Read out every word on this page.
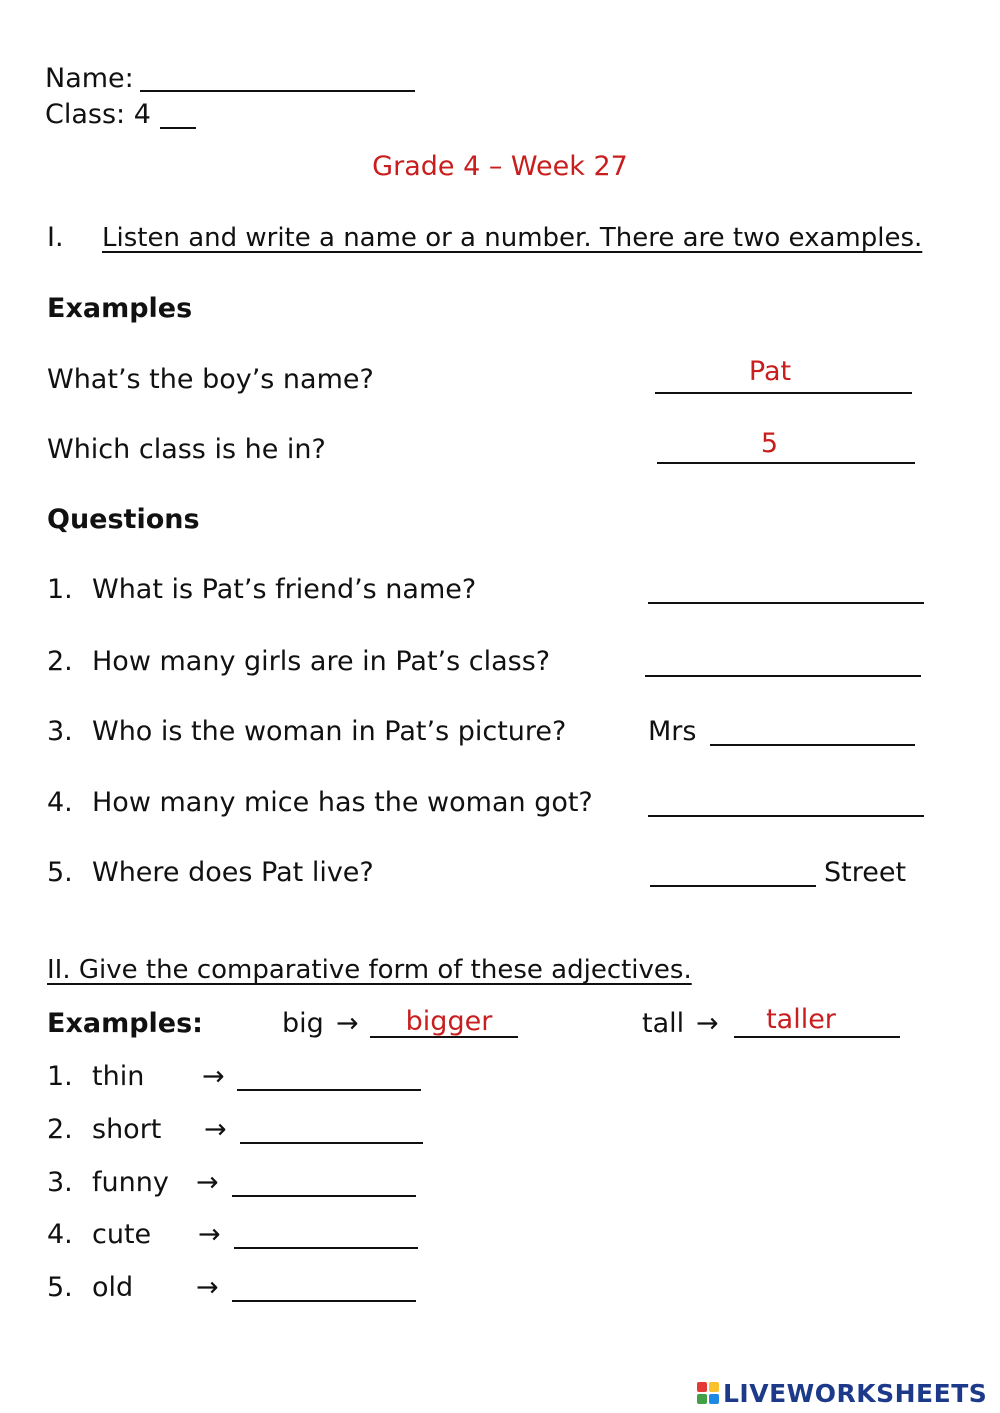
Name:
Class: 4
Grade 4 – Week 27
I. Listen and write a name or a number. There are two examples.
Examples
What’s the boy’s name?	Pat
Which class is he in?	5
Questions
1. What is Pat’s friend’s name?
2. How many girls are in Pat’s class?
3. Who is the woman in Pat’s picture?	Mrs
4. How many mice has the woman got?
5. Where does Pat live?	Street
II. Give the comparative form of these adjectives.
Examples:	big →	bigger	tall →	taller
1. thin →
2. short →
3. funny →
4. cute →
5. old →
LIVEWORKSHEETS
